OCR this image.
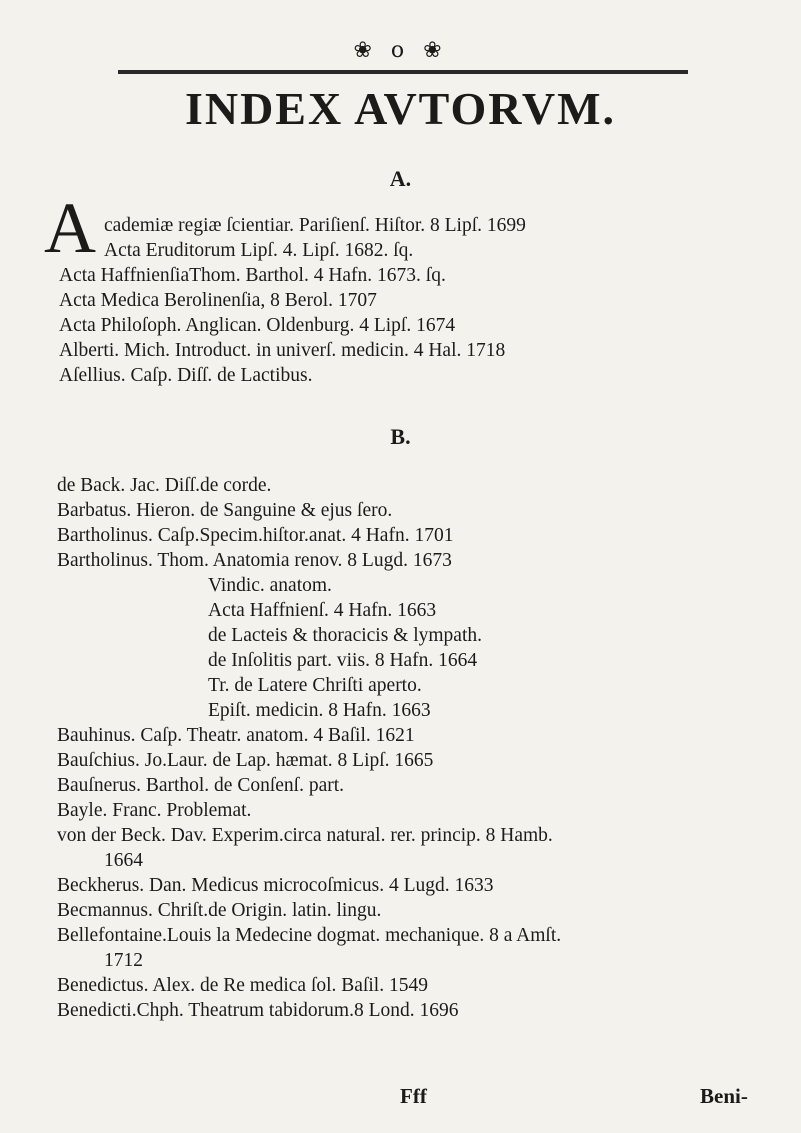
❀ o ❀
INDEX AVTORVM.
A.
A cademiæ regiæ ſcientiar. Pariſienſ. Hiſtor. 8 Lipſ. 1699
Acta Eruditorum Lipſ. 4. Lipſ. 1682. ſq.
Acta HaffnienſiaThom. Barthol. 4 Hafn. 1673. ſq.
Acta Medica Berolinenſia, 8 Berol. 1707
Acta Philoſoph. Anglican. Oldenburg. 4 Lipſ. 1674
Alberti. Mich. Introduct. in univerſ. medicin. 4 Hal. 1718
Aſellius. Caſp. Diſſ. de Lactibus.
B.
de Back. Jac. Diſſ.de corde.
Barbatus. Hieron. de Sanguine & ejus ſero.
Bartholinus. Caſp.Specim.hiſtor.anat. 4 Hafn. 1701
Bartholinus. Thom. Anatomia renov. 8 Lugd. 1673
Vindic. anatom.
Acta Haffnienſ. 4 Hafn. 1663
de Lacteis & thoracicis & lympath.
de Inſolitis part. viis. 8 Hafn. 1664
Tr. de Latere Chriſti aperto.
Epiſt. medicin. 8 Hafn. 1663
Bauhinus. Caſp. Theatr. anatom. 4 Baſil. 1621
Bauſchius. Jo.Laur. de Lap. hæmat. 8 Lipſ. 1665
Bauſnerus. Barthol. de Conſenſ. part.
Bayle. Franc. Problemat.
von der Beck. Dav. Experim.circa natural. rer. princip. 8 Hamb.
1664
Beckherus. Dan. Medicus microcoſmicus. 4 Lugd. 1633
Becmannus. Chriſt.de Origin. latin. lingu.
Bellefontaine.Louis la Medecine dogmat. mechanique. 8 a Amſt.
1712
Benedictus. Alex. de Re medica ſol. Baſil. 1549
Benedicti.Chph. Theatrum tabidorum.8 Lond. 1696
Fff	Beni-
